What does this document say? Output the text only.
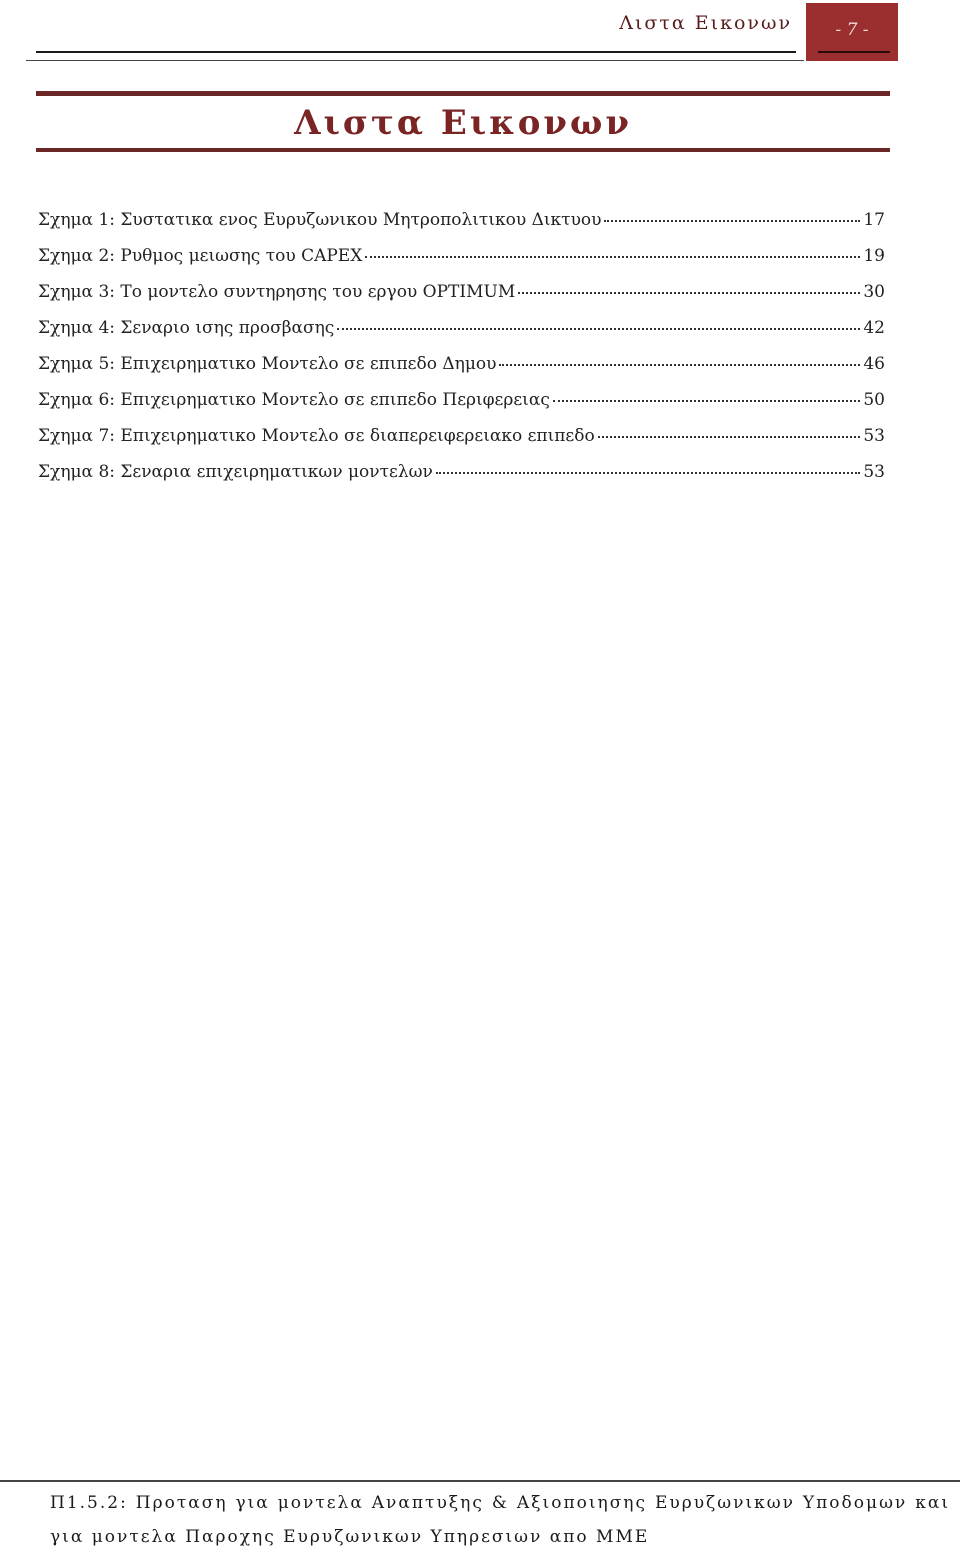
Λιστα Εικονων	- 7 -
Λιστα Εικονων
Σχημα 1: Συστατικα ενος Ευρυζωνικου Μητροπολιτικου Δικτυου	17
Σχημα 2: Ρυθμος μειωσης του CAPEX	19
Σχημα 3: Το μοντελο συντηρησης του εργου OPTIMUM	30
Σχημα 4: Σεναριο ισης προσβασης	42
Σχημα 5: Επιχειρηματικο Μοντελο σε επιπεδο Δημου	46
Σχημα 6: Επιχειρηματικο Μοντελο σε επιπεδο Περιφερειας	50
Σχημα 7: Επιχειρηματικο Μοντελο σε διαπερειφερειακο επιπεδο	53
Σχημα 8: Σεναρια επιχειρηματικων μοντελων	53
Π1.5.2: Προταση για μοντελα Αναπτυξης & Αξιοποιησης Ευρυζωνικων Υποδομων και για μοντελα Παροχης Ευρυζωνικων Υπηρεσιων απο ΜΜΕ
